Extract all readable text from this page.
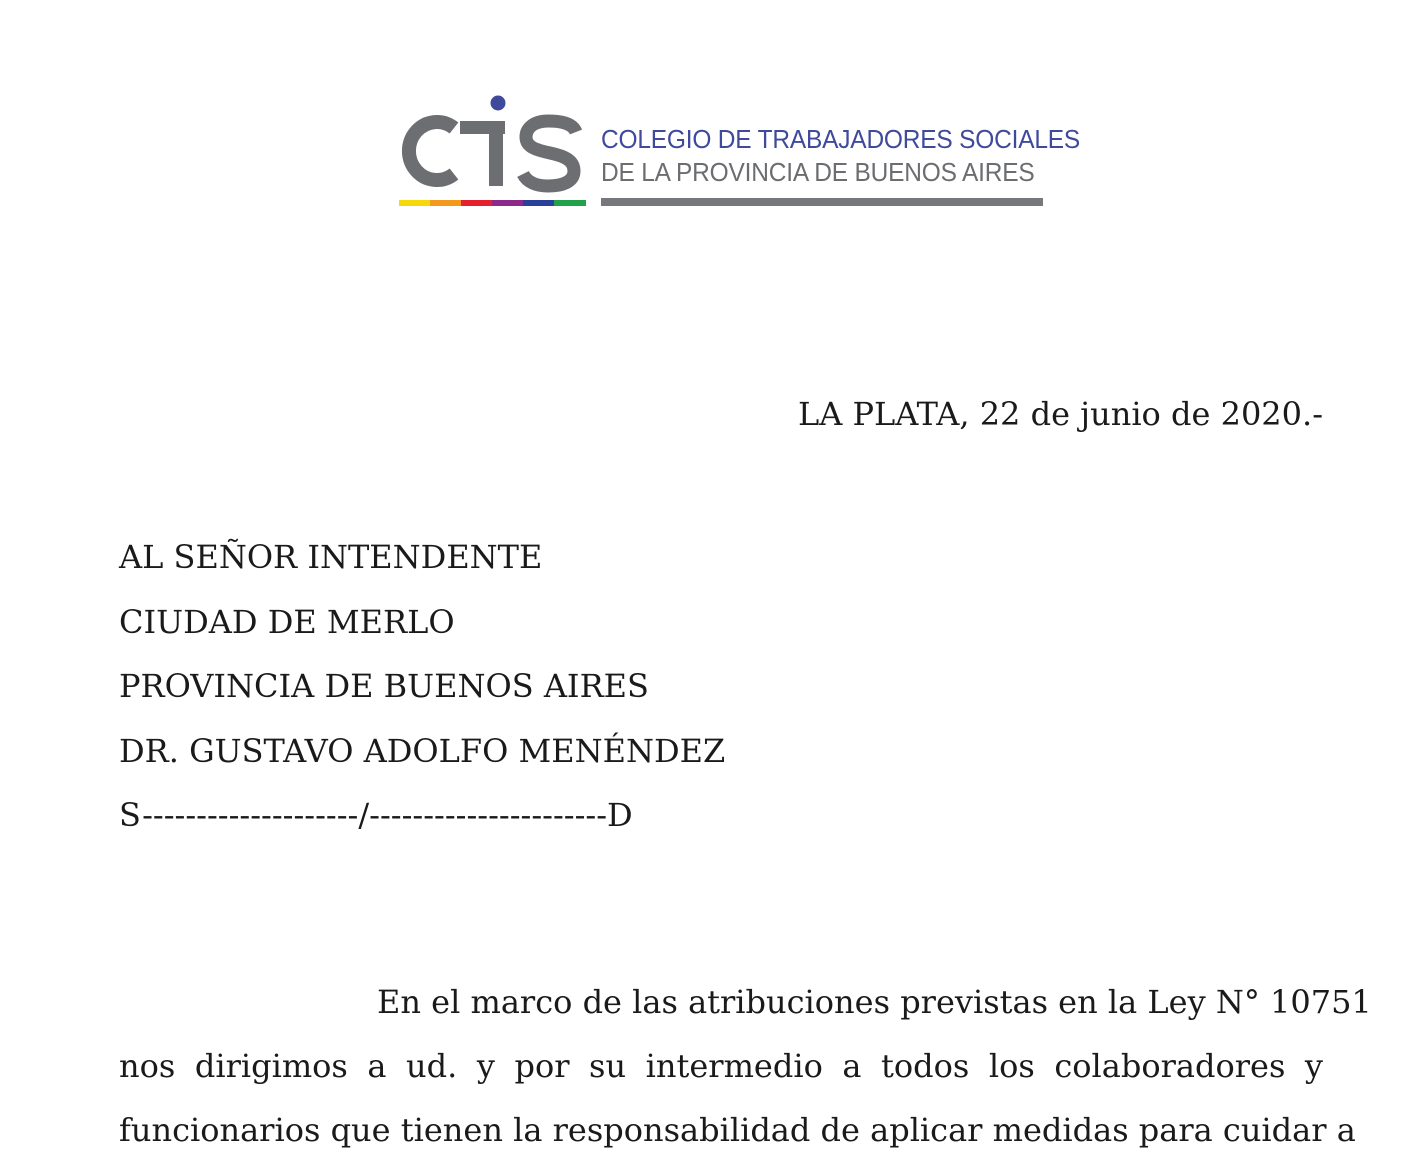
COLEGIO DE TRABAJADORES SOCIALES
DE LA PROVINCIA DE BUENOS AIRES
LA PLATA, 22 de junio de 2020.-
AL SEÑOR INTENDENTE
CIUDAD DE MERLO
PROVINCIA DE BUENOS AIRES
DR. GUSTAVO ADOLFO MENÉNDEZ
S--------------------/----------------------D
En el marco de las atribuciones previstas en la Ley N° 10751
nos dirigimos a ud. y por su intermedio a todos los colaboradores y
funcionarios que tienen la responsabilidad de aplicar medidas para cuidar a
